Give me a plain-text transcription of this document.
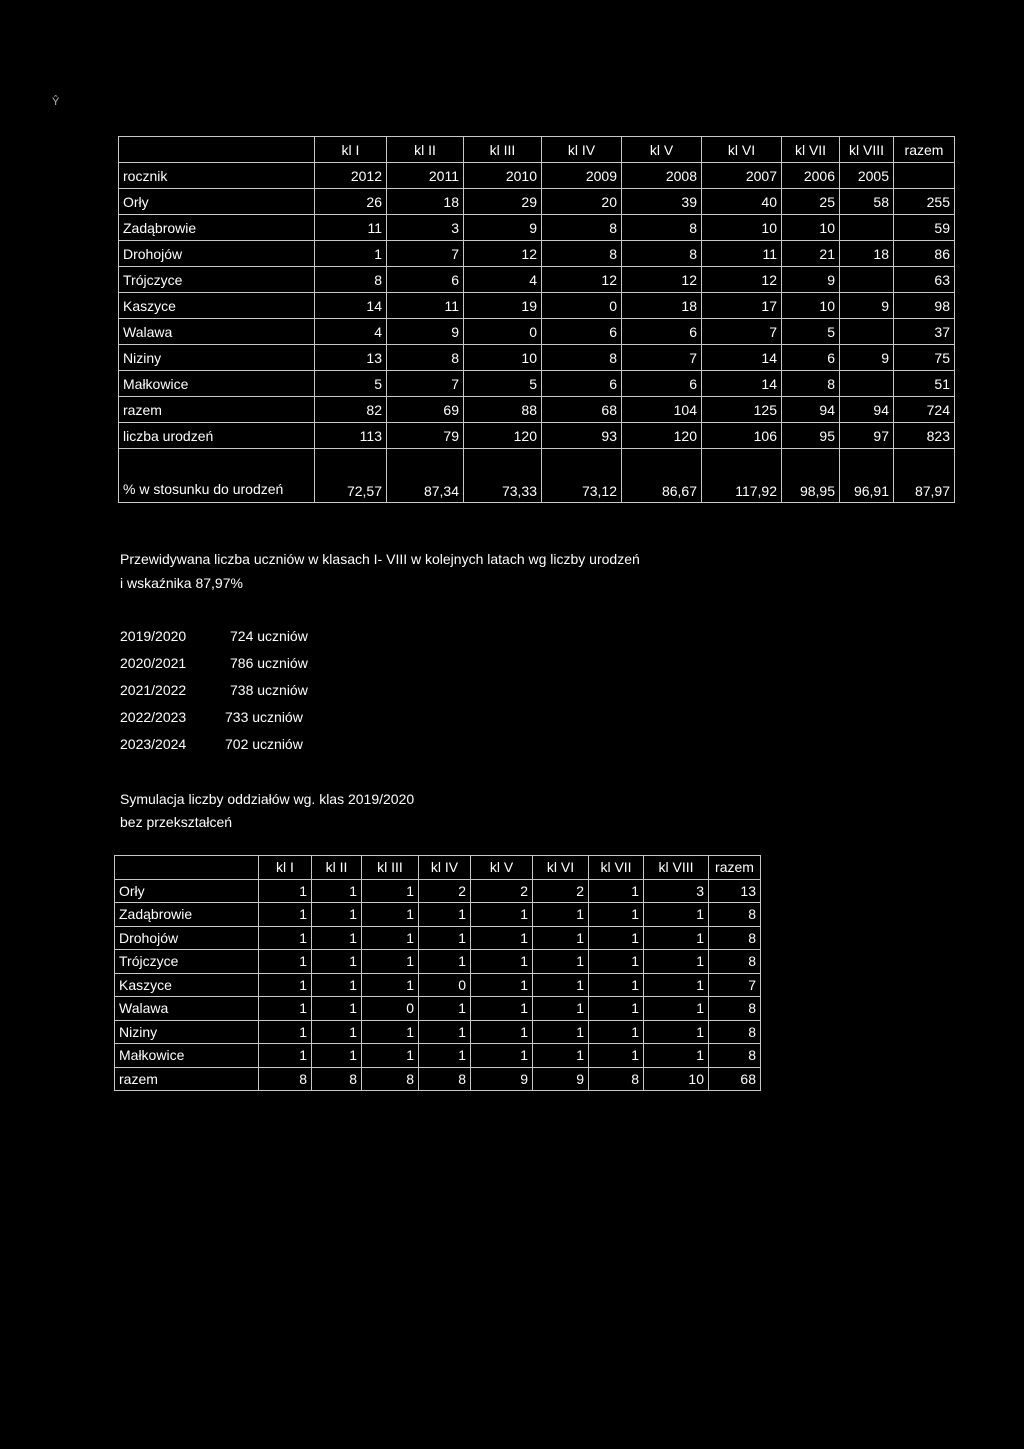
Ŷ
	kl I	kl II	kl III	kl IV	kl V	kl VI	kl VII	kl VIII	razem
rocznik	2012	2011	2010	2009	2008	2007	2006	2005	
Orły	26	18	29	20	39	40	25	58	255
Zadąbrowie	11	3	9	8	8	10	10		59
Drohojów	1	7	12	8	8	11	21	18	86
Trójczyce	8	6	4	12	12	12	9		63
Kaszyce	14	11	19	0	18	17	10	9	98
Walawa	4	9	0	6	6	7	5		37
Niziny	13	8	10	8	7	14	6	9	75
Małkowice	5	7	5	6	6	14	8		51
razem	82	69	88	68	104	125	94	94	724
liczba urodzeń	113	79	120	93	120	106	95	97	823
% w stosunku do urodzeń	72,57	87,34	73,33	73,12	86,67	117,92	98,95	96,91	87,97
Przewidywana liczba uczniów w klasach I- VIII w kolejnych latach wg liczby urodzeń
i wskaźnika 87,97%
2019/2020	724 uczniów
2020/2021	786 uczniów
2021/2022	738 uczniów
2022/2023	733 uczniów
2023/2024	702 uczniów
Symulacja liczby oddziałów wg. klas 2019/2020
bez przekształceń
	kl I	kl II	kl III	kl IV	kl V	kl VI	kl VII	kl VIII	razem
Orły	1	1	1	2	2	2	1	3	13
Zadąbrowie	1	1	1	1	1	1	1	1	8
Drohojów	1	1	1	1	1	1	1	1	8
Trójczyce	1	1	1	1	1	1	1	1	8
Kaszyce	1	1	1	0	1	1	1	1	7
Walawa	1	1	0	1	1	1	1	1	8
Niziny	1	1	1	1	1	1	1	1	8
Małkowice	1	1	1	1	1	1	1	1	8
razem	8	8	8	8	9	9	8	10	68
